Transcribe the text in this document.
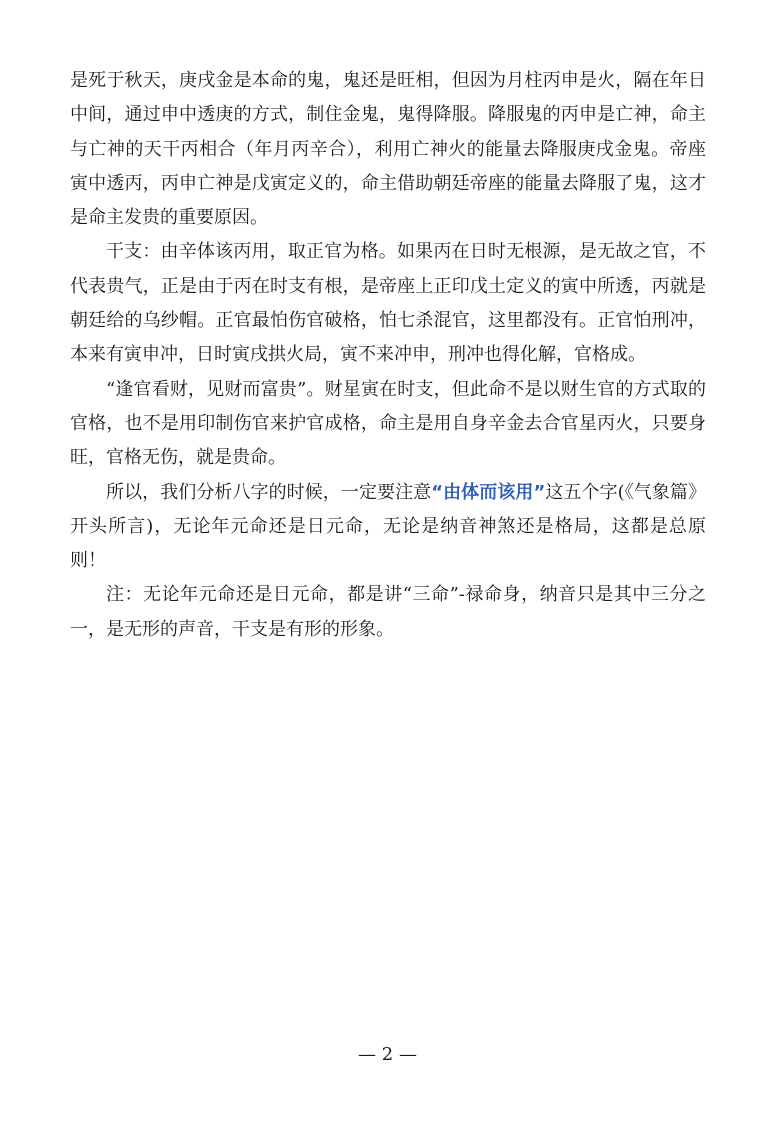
是死于秋天，庚戌金是本命的鬼，鬼还是旺相，但因为月柱丙申是火，隔在年日中间，通过申中透庚的方式，制住金鬼，鬼得降服。降服鬼的丙申是亡神，命主与亡神的天干丙相合（年月丙辛合），利用亡神火的能量去降服庚戌金鬼。帝座寅中透丙，丙申亡神是戊寅定义的，命主借助朝廷帝座的能量去降服了鬼，这才是命主发贵的重要原因。

干支：由辛体该丙用，取正官为格。如果丙在日时无根源，是无故之官，不代表贵气，正是由于丙在时支有根，是帝座上正印戊土定义的寅中所透，丙就是朝廷给的乌纱帽。正官最怕伤官破格，怕七杀混官，这里都没有。正官怕刑冲，本来有寅申冲，日时寅戌拱火局，寅不来冲申，刑冲也得化解，官格成。

“逢官看财，见财而富贵”。财星寅在时支，但此命不是以财生官的方式取的官格，也不是用印制伤官来护官成格，命主是用自身辛金去合官星丙火，只要身旺，官格无伤，就是贵命。

所以，我们分析八字的时候，一定要注意“由体而该用”这五个字(《气象篇》开头所言)，无论年元命还是日元命，无论是纳音神煞还是格局，这都是总原则！

注：无论年元命还是日元命，都是讲“三命”-禄命身，纳音只是其中三分之一，是无形的声音，干支是有形的形象。

— 2 —
